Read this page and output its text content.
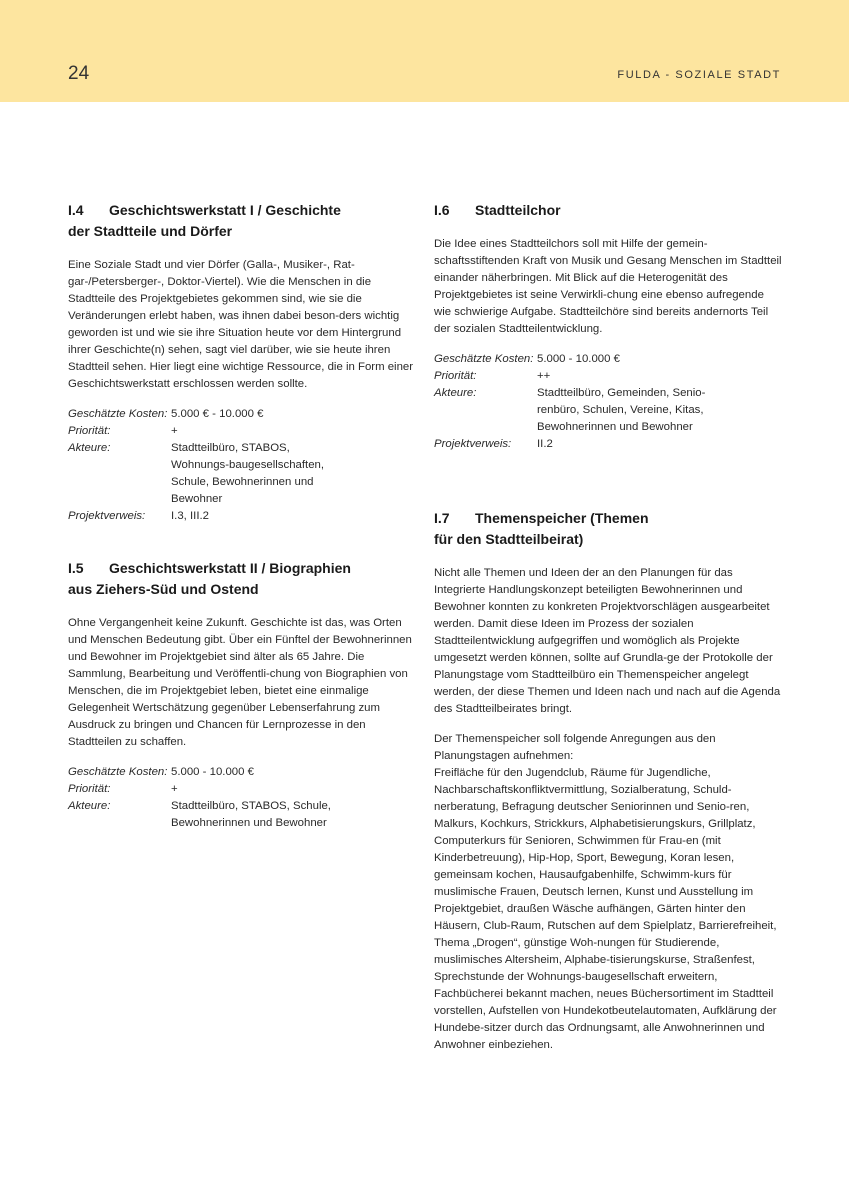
24	FULDA - SOZIALE STADT
I.4 Geschichtswerkstatt I / Geschichte
der Stadtteile und Dörfer

Eine Soziale Stadt und vier Dörfer (Galla-, Musiker-, Rat-gar-/Petersberger-, Doktor-Viertel). Wie die Menschen in die Stadtteile des Projektgebietes gekommen sind, wie sie die Veränderungen erlebt haben, was ihnen dabei beson-ders wichtig geworden ist und wie sie ihre Situation heute vor dem Hintergrund ihrer Geschichte(n) sehen, sagt viel darüber, wie sie heute ihren Stadtteil sehen. Hier liegt eine wichtige Ressource, die in Form einer Geschichtswerkstatt erschlossen werden sollte.

Geschätzte Kosten:	5.000 € - 10.000 €
Priorität:	+
Akteure:	Stadtteilbüro, STABOS, Wohnungs-baugesellschaften, Schule, Bewohnerinnen und Bewohner
Projektverweis:	I.3, III.2
I.5 Geschichtswerkstatt II / Biographien
aus Ziehers-Süd und Ostend

Ohne Vergangenheit keine Zukunft. Geschichte ist das, was Orten und Menschen Bedeutung gibt. Über ein Fünftel der Bewohnerinnen und Bewohner im Projektgebiet sind älter als 65 Jahre. Die Sammlung, Bearbeitung und Veröffentli-chung von Biographien von Menschen, die im Projektgebiet leben, bietet eine einmalige Gelegenheit Wertschätzung gegenüber Lebenserfahrung zum Ausdruck zu bringen und Chancen für Lernprozesse in den Stadtteilen zu schaffen.

Geschätzte Kosten:	5.000 - 10.000 €
Priorität:	+
Akteure:	Stadtteilbüro, STABOS, Schule, Bewohnerinnen und Bewohner
I.6 Stadtteilchor

Die Idee eines Stadtteilchors soll mit Hilfe der gemein-schaftsstiftenden Kraft von Musik und Gesang Menschen im Stadtteil einander näherbringen. Mit Blick auf die Heterogenität des Projektgebietes ist seine Verwirkli-chung eine ebenso aufregende wie schwierige Aufgabe. Stadtteilchöre sind bereits andernorts Teil der sozialen Stadtteilentwicklung.

Geschätzte Kosten:	5.000 - 10.000 €
Priorität:	++
Akteure:	Stadtteilbüro, Gemeinden, Senio-renbüro, Schulen, Vereine, Kitas, Bewohnerinnen und Bewohner
Projektverweis:	II.2
I.7 Themenspeicher (Themen
für den Stadtteilbeirat)

Nicht alle Themen und Ideen der an den Planungen für das Integrierte Handlungskonzept beteiligten Bewohnerinnen und Bewohner konnten zu konkreten Projektvorschlägen ausgearbeitet werden. Damit diese Ideen im Prozess der sozialen Stadtteilentwicklung aufgegriffen und womöglich als Projekte umgesetzt werden können, sollte auf Grundla-ge der Protokolle der Planungstage vom Stadtteilbüro ein Themenspeicher angelegt werden, der diese Themen und Ideen nach und nach auf die Agenda des Stadtteilbeirates bringt.

Der Themenspeicher soll folgende Anregungen aus den Planungstagen aufnehmen:

Freifläche für den Jugendclub, Räume für Jugendliche, Nachbarschaftskonfliktvermittlung, Sozialberatung, Schuld-nerberatung, Befragung deutscher Seniorinnen und Senio-ren, Malkurs, Kochkurs, Strickkurs, Alphabetisierungskurs, Grillplatz, Computerkurs für Senioren, Schwimmen für Frau-en (mit Kinderbetreuung), Hip-Hop, Sport, Bewegung, Koran lesen, gemeinsam kochen, Hausaufgabenhilfe, Schwimm-kurs für muslimische Frauen, Deutsch lernen, Kunst und Ausstellung im Projektgebiet, draußen Wäsche aufhängen, Gärten hinter den Häusern, Club-Raum, Rutschen auf dem Spielplatz, Barrierefreiheit, Thema „Drogen“, günstige Woh-nungen für Studierende, muslimisches Altersheim, Alphabe-tisierungskurse, Straßenfest, Sprechstunde der Wohnungs-baugesellschaft erweitern, Fachbücherei bekannt machen, neues Büchersortiment im Stadtteil vorstellen, Aufstellen von Hundekotbeutelautomaten, Aufklärung der Hundebe-sitzer durch das Ordnungsamt, alle Anwohnerinnen und Anwohner einbeziehen.
